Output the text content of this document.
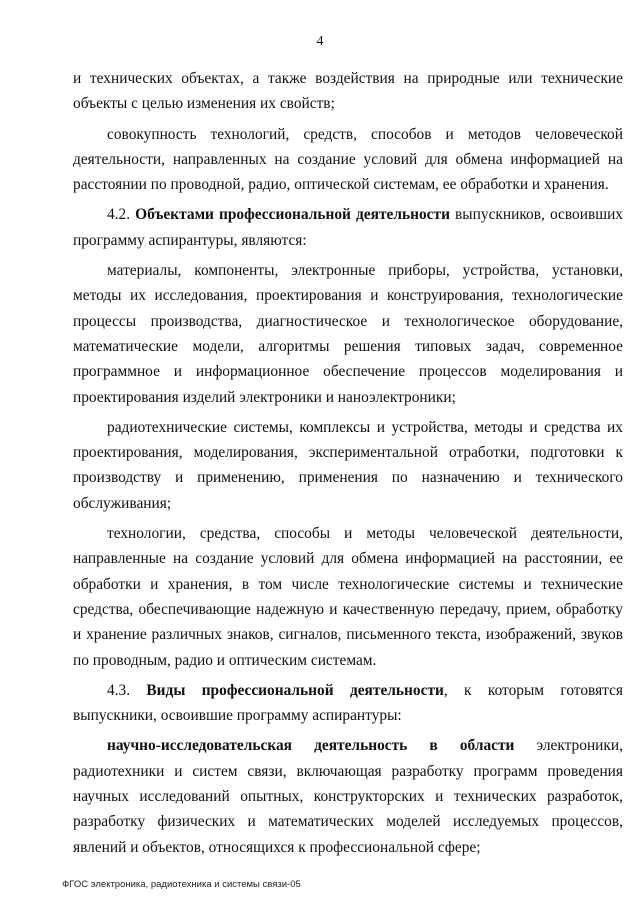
4

и технических объектах, а также воздействия на природные или технические объекты с целью изменения их свойств;

совокупность технологий, средств, способов и методов человеческой деятельности, направленных на создание условий для обмена информацией на расстоянии по проводной, радио, оптической системам, ее обработки и хранения.

4.2. Объектами профессиональной деятельности выпускников, освоивших программу аспирантуры, являются:

материалы, компоненты, электронные приборы, устройства, установки, методы их исследования, проектирования и конструирования, технологические процессы производства, диагностическое и технологическое оборудование, математические модели, алгоритмы решения типовых задач, современное программное и информационное обеспечение процессов моделирования и проектирования изделий электроники и наноэлектроники;

радиотехнические системы, комплексы и устройства, методы и средства их проектирования, моделирования, экспериментальной отработки, подготовки к производству и применению, применения по назначению и технического обслуживания;

технологии, средства, способы и методы человеческой деятельности, направленные на создание условий для обмена информацией на расстоянии, ее обработки и хранения, в том числе технологические системы и технические средства, обеспечивающие надежную и качественную передачу, прием, обработку и хранение различных знаков, сигналов, письменного текста, изображений, звуков по проводным, радио и оптическим системам.

4.3. Виды профессиональной деятельности, к которым готовятся выпускники, освоившие программу аспирантуры:

научно-исследовательская деятельность в области электроники, радиотехники и систем связи, включающая разработку программ проведения научных исследований опытных, конструкторских и технических разработок, разработку физических и математических моделей исследуемых процессов, явлений и объектов, относящихся к профессиональной сфере;

ФГОС электроника, радиотехника и системы связи-05
